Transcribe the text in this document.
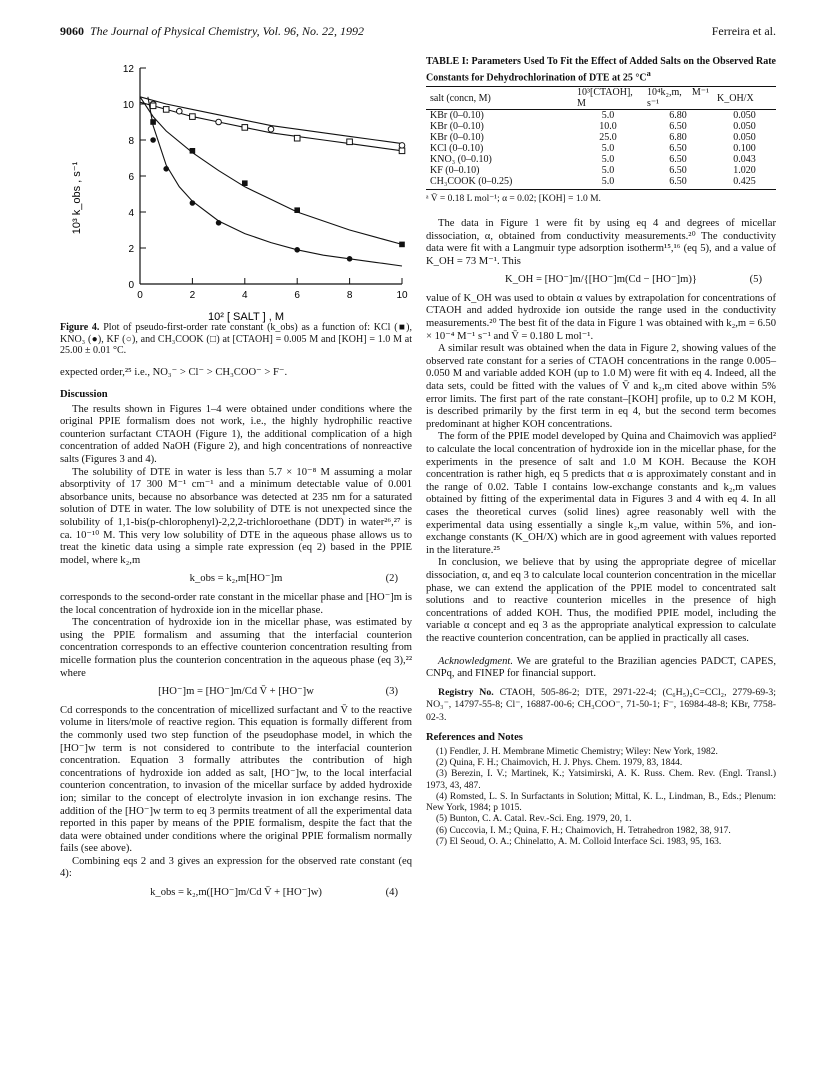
9060 The Journal of Physical Chemistry, Vol. 96, No. 22, 1992	Ferreira et al.
0
2
4
6
8
10
12
0	2	4	6	8	10
10³ k_obs , s⁻¹
10² [ SALT ] , M
Figure 4. Plot of pseudo-first-order rate constant (k_obs) as a function of: KCl (■), KNO₃ (●), KF (○), and CH₃COOK (□) at [CTAOH] = 0.005 M and [KOH] = 1.0 M at 25.00 ± 0.01 °C.

expected order,²⁵ i.e., NO₃⁻ > Cl⁻ > CH₃COO⁻ > F⁻.

Discussion

The results shown in Figures 1–4 were obtained under conditions where the original PPIE formalism does not work, i.e., the highly hydrophilic reactive counterion surfactant CTAOH (Figure 1), the additional complication of a high concentration of added NaOH (Figure 2), and high concentrations of nonreactive salts (Figures 3 and 4).

The solubility of DTE in water is less than 5.7 × 10⁻⁸ M assuming a molar absorptivity of 17 300 M⁻¹ cm⁻¹ and a minimum detectable value of 0.001 absorbance units, because no absorbance was detected at 235 nm for a saturated solution of DTE in water. The low solubility of DTE is not unexpected since the solubility of 1,1-bis(p-chlorophenyl)-2,2,2-trichloroethane (DDT) in water²⁶,²⁷ is ca. 10⁻¹⁰ M. This very low solubility of DTE in the aqueous phase allows us to treat the kinetic data using a simple rate expression (eq 2) based in the PPIE model, where k₂,m

k_obs = k₂,m[HO⁻]m	(2)

corresponds to the second-order rate constant in the micellar phase and [HO⁻]m is the local concentration of hydroxide ion in the micellar phase.

The concentration of hydroxide ion in the micellar phase, was estimated by using the PPIE formalism and assuming that the interfacial counterion concentration corresponds to an effective counterion concentration resulting from micelle formation plus the counterion concentration in the aqueous phase (eq 3),²² where

[HO⁻]m = [HO⁻]m/Cd V̄ + [HO⁻]w	(3)

Cd corresponds to the concentration of micellized surfactant and V̄ to the reactive volume in liters/mole of reactive region. This equation is formally different from the commonly used two step function of the pseudophase model, in which the [HO⁻]w term is not considered to contribute to the interfacial counterion concentration. Equation 3 formally attributes the contribution of high concentrations of hydroxide ion added as salt, [HO⁻]w, to the local interfacial counterion concentration, to invasion of the micellar surface by added hydroxide ion; similar to the concept of electrolyte invasion in ion exchange resins. The addition of the [HO⁻]w term to eq 3 permits treatment of all the experimental data reported in this paper by means of the PPIE formalism, despite the fact that the data were obtained under conditions where the original PPIE formalism normally fails (see above).

Combining eqs 2 and 3 gives an expression for the observed rate constant (eq 4):

k_obs = k₂,m([HO⁻]m/Cd V̄ + [HO⁻]w)	(4)
TABLE I: Parameters Used To Fit the Effect of Added Salts on the Observed Rate Constants for Dehydrochlorination of DTE at 25 $^\circ C^a$
salt (concn, M)	10³[CTAOH], M	10⁴k₂,m, M⁻¹ s⁻¹	K_OH/X
KBr (0–0.10)	5.0	6.80	0.050
KBr (0–0.10)	10.0	6.50	0.050
KBr (0–0.10)	25.0	6.80	0.050
KCl (0–0.10)	5.0	6.50	0.100
KNO₃ (0–0.10)	5.0	6.50	0.043
KF (0–0.10)	5.0	6.50	1.020
CH₃COOK (0–0.25)	5.0	6.50	0.425
ᵃ V̄ = 0.18 L mol⁻¹; α = 0.02; [KOH] = 1.0 M.

The data in Figure 1 were fit by using eq 4 and degrees of micellar dissociation, α, obtained from conductivity measurements.²⁰ The conductivity data were fit with a Langmuir type adsorption isotherm¹⁵,¹⁶ (eq 5), and a value of K_OH = 73 M⁻¹. This

K_OH = [HO⁻]m/{[HO⁻]m(Cd − [HO⁻]m)}	(5)

value of K_OH was used to obtain α values by extrapolation for concentrations of CTAOH and added hydroxide ion outside the range used in the conductivity measurements.²⁰ The best fit of the data in Figure 1 was obtained with k₂,m = 6.50 × 10⁻⁴ M⁻¹ s⁻¹ and V̄ = 0.180 L mol⁻¹.

A similar result was obtained when the data in Figure 2, showing values of the observed rate constant for a series of CTAOH concentrations in the range 0.005–0.050 M and variable added KOH (up to 1.0 M) were fit with eq 4. Indeed, all the data sets, could be fitted with the values of V̄ and k₂,m cited above within 5% error limits. The first part of the rate constant–[KOH] profile, up to 0.2 M KOH, is described primarily by the first term in eq 4, but the second term becomes predominant at higher KOH concentrations.

The form of the PPIE model developed by Quina and Chaimovich was applied² to calculate the local concentration of hydroxide ion in the micellar phase, for the experiments in the presence of salt and 1.0 M KOH. Because the KOH concentration is rather high, eq 5 predicts that α is approximately constant and in the range of 0.02. Table I contains low-exchange constants and k₂,m values obtained by fitting of the experimental data in Figures 3 and 4 with eq 4. In all cases the theoretical curves (solid lines) agree reasonably well with the experimental data using essentially a single k₂,m value, within 5%, and ion-exchange constants (K_OH/X) which are in good agreement with values reported in the literature.²⁵

In conclusion, we believe that by using the appropriate degree of micellar dissociation, α, and eq 3 to calculate local counterion concentration in the micellar phase, we can extend the application of the PPIE model to concentrated salt solutions and to reactive counterion micelles in the presence of high concentrations of added KOH. Thus, the modified PPIE model, including the variable α concept and eq 3 as the appropriate analytical expression to calculate the reactive counterion concentration, can be applied in practically all cases.

Acknowledgment. We are grateful to the Brazilian agencies PADCT, CAPES, CNPq, and FINEP for financial support.

Registry No. CTAOH, 505-86-2; DTE, 2971-22-4; (C₆H₅)₂C=CCl₂, 2779-69-3; NO₃⁻, 14797-55-8; Cl⁻, 16887-00-6; CH₃COO⁻, 71-50-1; F⁻, 16984-48-8; KBr, 7758-02-3.

References and Notes
(1) Fendler, J. H. Membrane Mimetic Chemistry; Wiley: New York, 1982.
(2) Quina, F. H.; Chaimovich, H. J. Phys. Chem. 1979, 83, 1844.
(3) Berezin, I. V.; Martinek, K.; Yatsimirski, A. K. Russ. Chem. Rev. (Engl. Transl.) 1973, 43, 487.
(4) Romsted, L. S. In Surfactants in Solution; Mittal, K. L., Lindman, B., Eds.; Plenum: New York, 1984; p 1015.
(5) Bunton, C. A. Catal. Rev.-Sci. Eng. 1979, 20, 1.
(6) Cuccovia, I. M.; Quina, F. H.; Chaimovich, H. Tetrahedron 1982, 38, 917.
(7) El Seoud, O. A.; Chinelatto, A. M. Colloid Interface Sci. 1983, 95, 163.
